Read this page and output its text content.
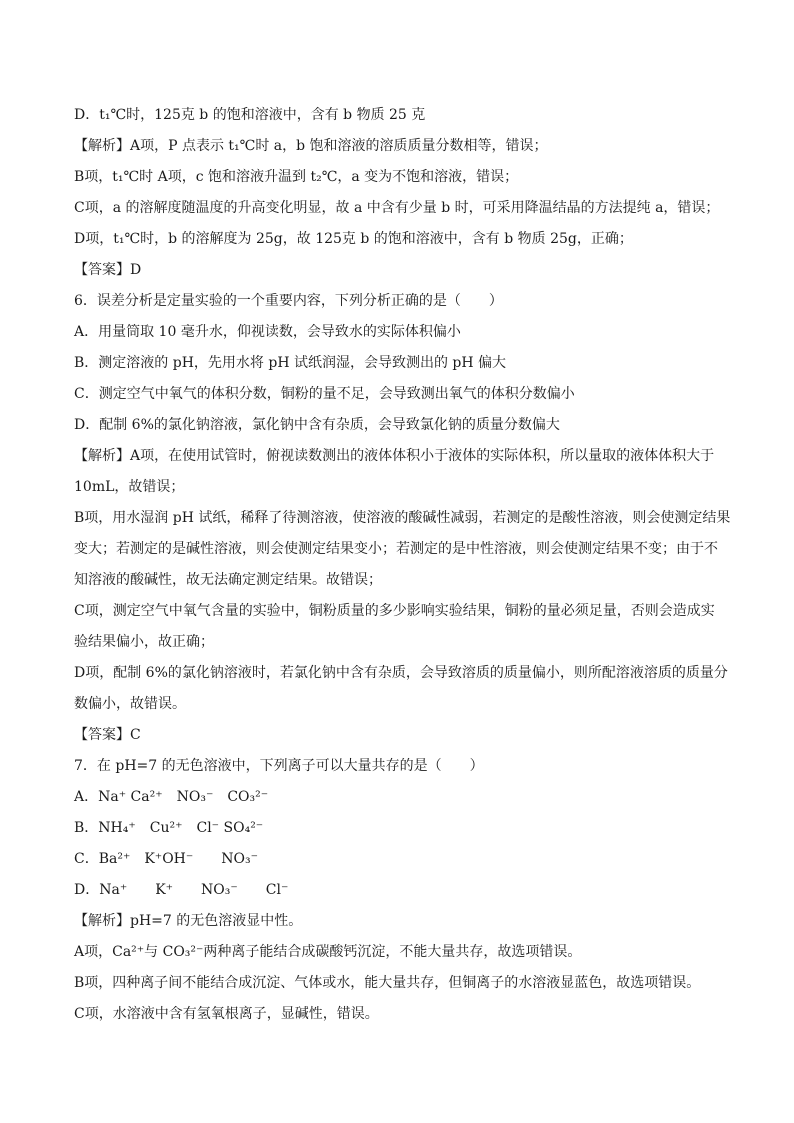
D．t₁℃时，125克 b 的饱和溶液中，含有 b 物质 25 克
【解析】A项，P 点表示 t₁℃时 a，b 饱和溶液的溶质质量分数相等，错误；
B项，t₁℃时 A项，c 饱和溶液升温到 t₂℃，a 变为不饱和溶液，错误；
C项，a 的溶解度随温度的升高变化明显，故 a 中含有少量 b 时，可采用降温结晶的方法提纯 a，错误；
D项，t₁℃时，b 的溶解度为 25g，故 125克 b 的饱和溶液中，含有 b 物质 25g，正确；
【答案】D
6．误差分析是定量实验的一个重要内容，下列分析正确的是（　　）
A．用量筒取 10 毫升水，仰视读数，会导致水的实际体积偏小
B．测定溶液的 pH，先用水将 pH 试纸润湿，会导致测出的 pH 偏大
C．测定空气中氧气的体积分数，铜粉的量不足，会导致测出氧气的体积分数偏小
D．配制 6%的氯化钠溶液，氯化钠中含有杂质，会导致氯化钠的质量分数偏大
【解析】A项，在使用试管时，俯视读数测出的液体体积小于液体的实际体积，所以量取的液体体积大于
10mL，故错误；
B项，用水湿润 pH 试纸，稀释了待测溶液，使溶液的酸碱性减弱，若测定的是酸性溶液，则会使测定结果
变大；若测定的是碱性溶液，则会使测定结果变小；若测定的是中性溶液，则会使测定结果不变；由于不
知溶液的酸碱性，故无法确定测定结果。故错误；
C项，测定空气中氧气含量的实验中，铜粉质量的多少影响实验结果，铜粉的量必须足量，否则会造成实
验结果偏小，故正确；
D项，配制 6%的氯化钠溶液时，若氯化钠中含有杂质，会导致溶质的质量偏小，则所配溶液溶质的质量分
数偏小，故错误。
【答案】C
7．在 pH=7 的无色溶液中，下列离子可以大量共存的是（　　）
A．Na⁺ Ca²⁺　NO₃⁻　CO₃²⁻
B．NH₄⁺　Cu²⁺　Cl⁻ SO₄²⁻
C．Ba²⁺　K⁺OH⁻　　NO₃⁻
D．Na⁺　　K⁺　　NO₃⁻　　Cl⁻
【解析】pH=7 的无色溶液显中性。
A项，Ca²⁺与 CO₃²⁻两种离子能结合成碳酸钙沉淀，不能大量共存，故选项错误。
B项，四种离子间不能结合成沉淀、气体或水，能大量共存，但铜离子的水溶液显蓝色，故选项错误。
C项，水溶液中含有氢氧根离子，显碱性，错误。
